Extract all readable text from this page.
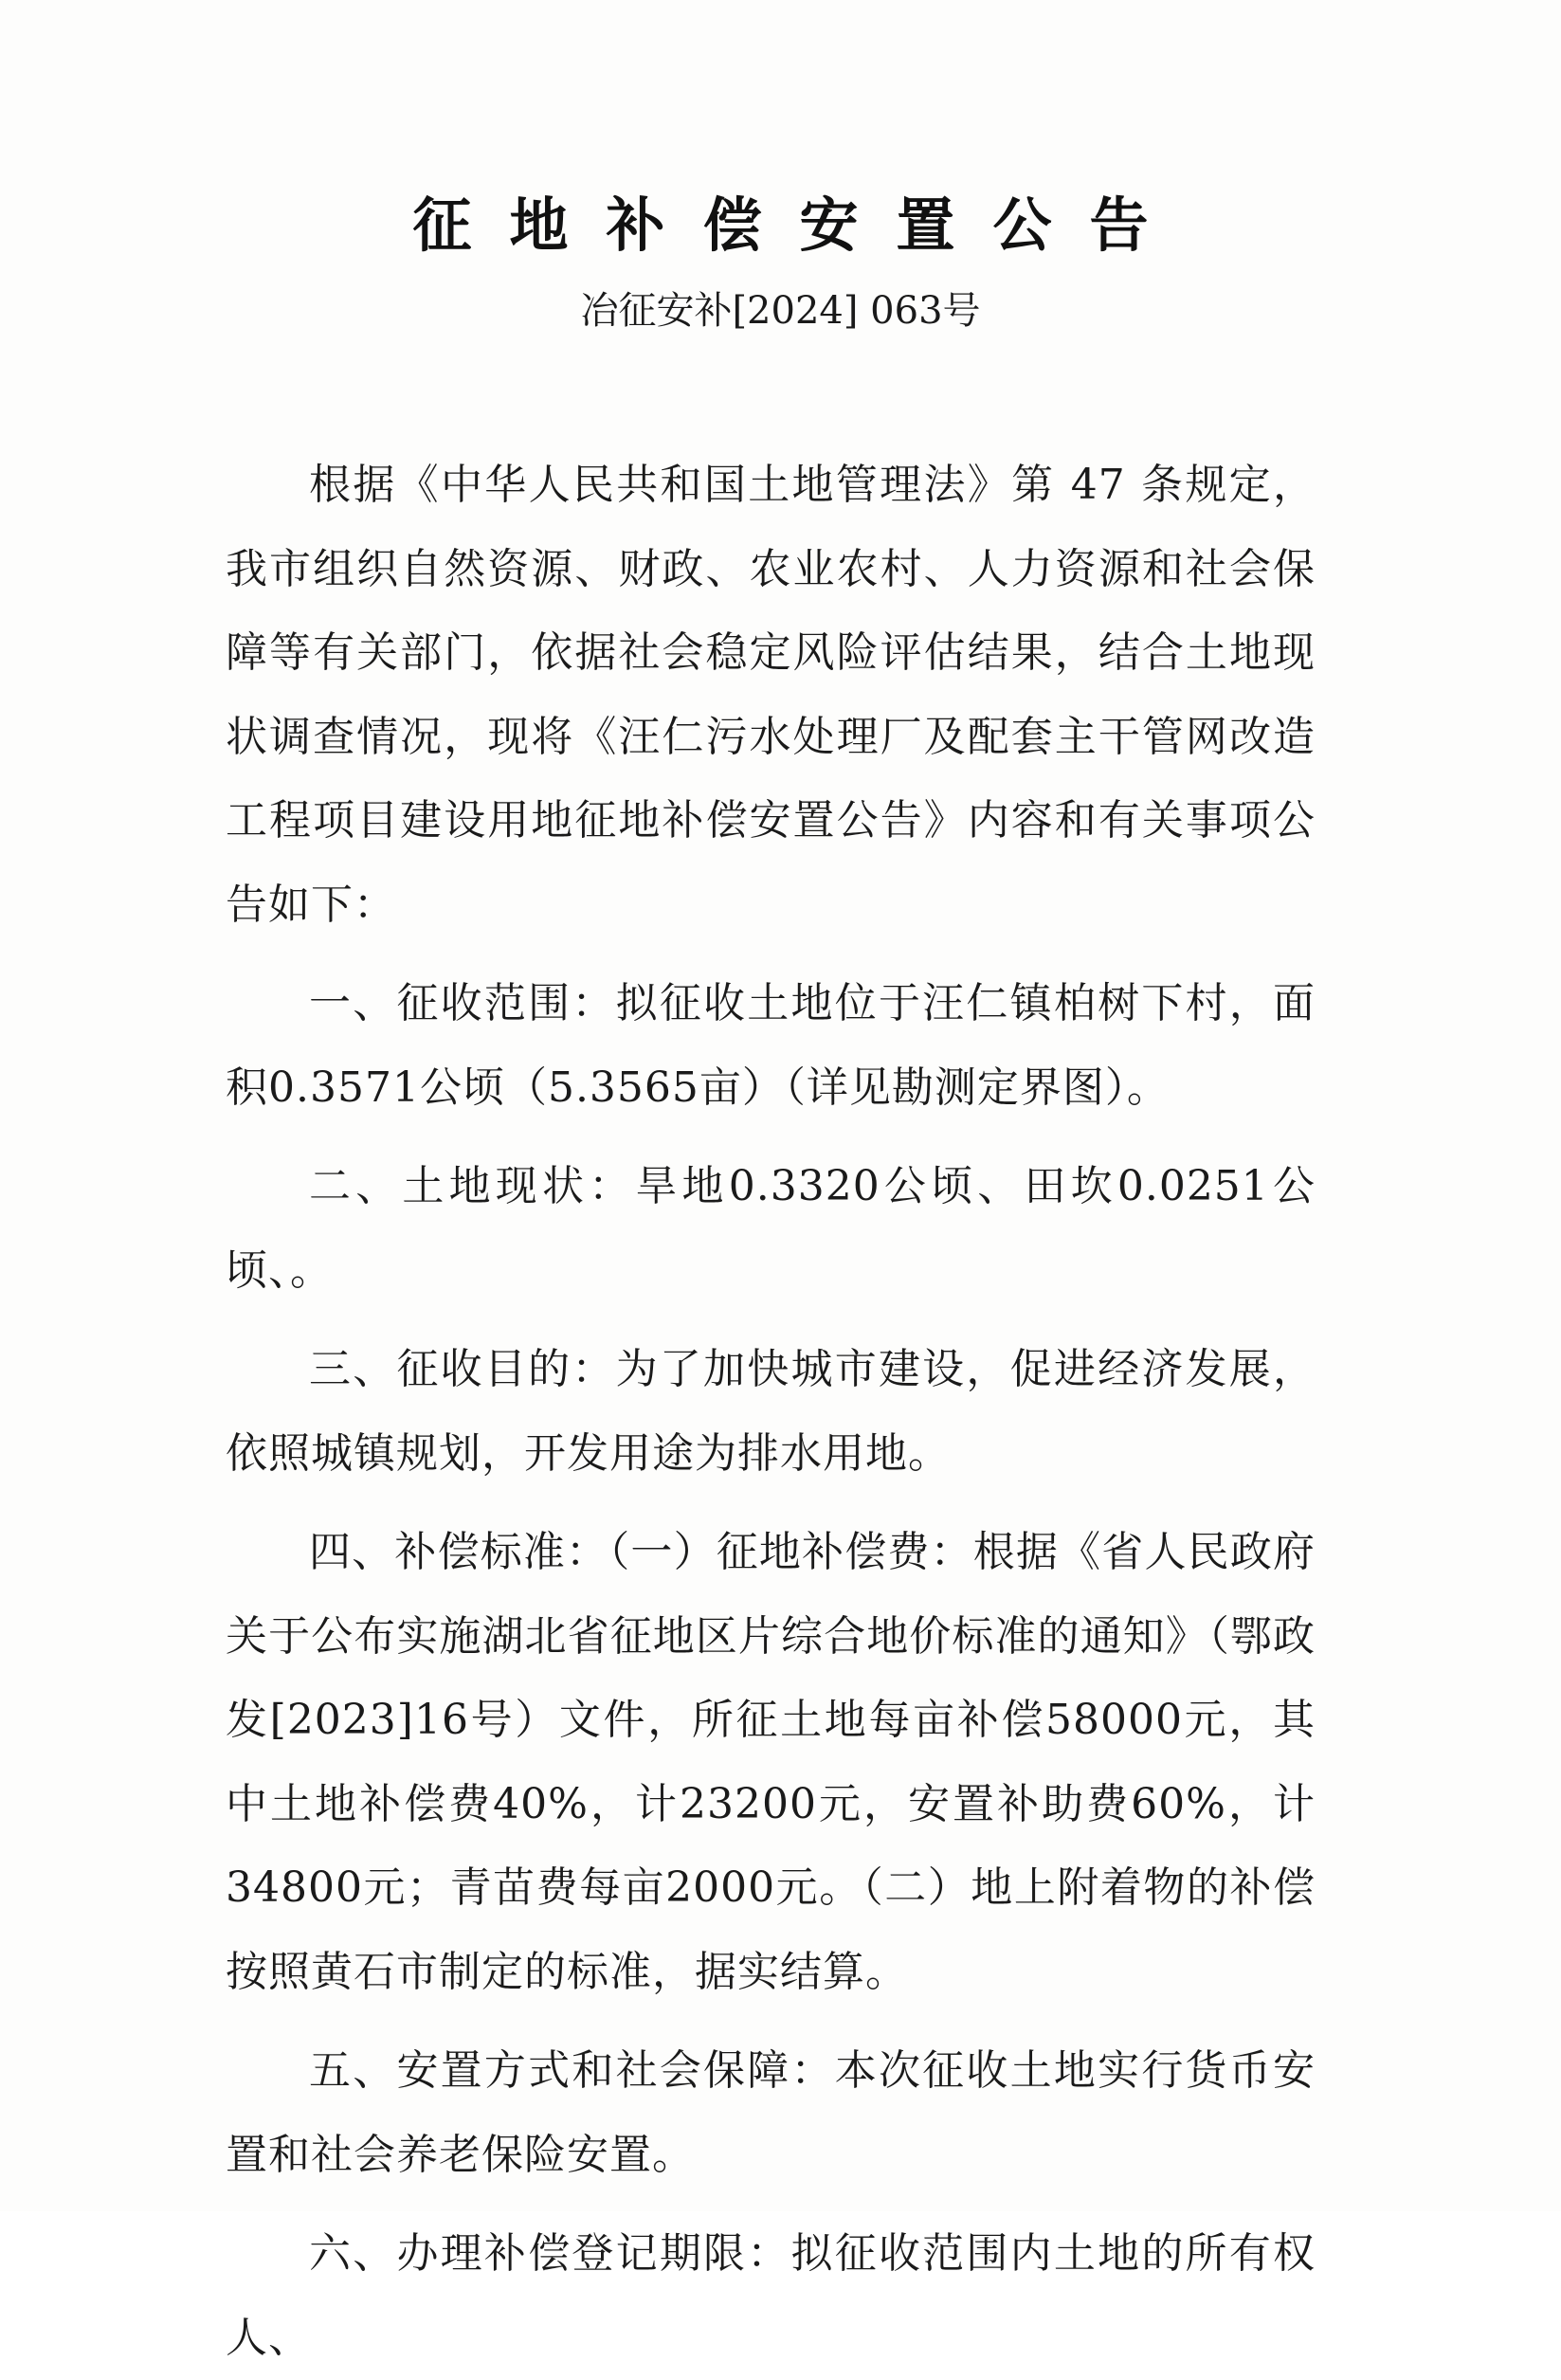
征地补偿安置公告
冶征安补[2024] 063号

根据《中华人民共和国土地管理法》第 47 条规定，我市组织自然资源、财政、农业农村、人力资源和社会保障等有关部门，依据社会稳定风险评估结果，结合土地现状调查情况，现将《汪仁污水处理厂及配套主干管网改造工程项目建设用地征地补偿安置公告》内容和有关事项公告如下：

一、征收范围：拟征收土地位于汪仁镇柏树下村，面积0.3571公顷（5.3565亩）（详见勘测定界图）。

二、土地现状：旱地0.3320公顷、田坎0.0251公顷、。

三、征收目的：为了加快城市建设，促进经济发展，依照城镇规划，开发用途为排水用地。

四、补偿标准：（一）征地补偿费：根据《省人民政府关于公布实施湖北省征地区片综合地价标准的通知》（鄂政发[2023]16号）文件，所征土地每亩补偿58000元，其中土地补偿费40%，计23200元，安置补助费60%，计34800元；青苗费每亩2000元。（二）地上附着物的补偿按照黄石市制定的标准，据实结算。

五、安置方式和社会保障：本次征收土地实行货币安置和社会养老保险安置。

六、办理补偿登记期限：拟征收范围内土地的所有权人、
